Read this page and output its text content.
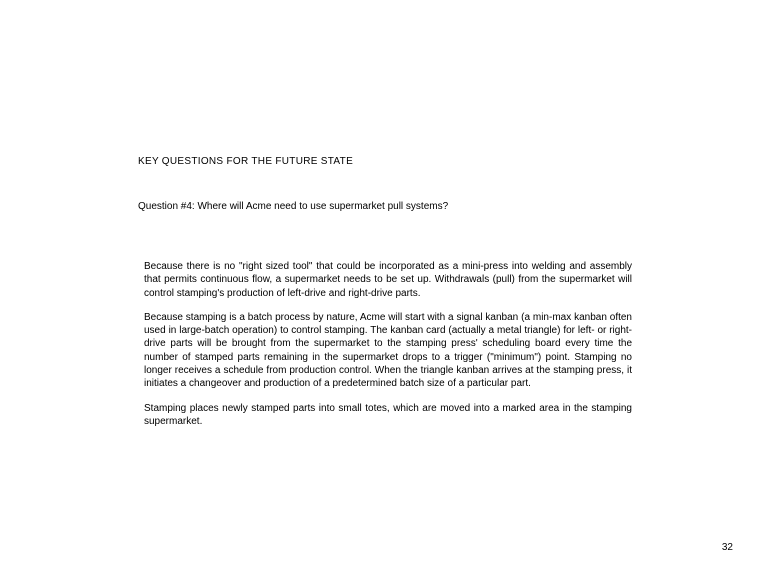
KEY QUESTIONS FOR THE FUTURE STATE
Question #4: Where will Acme need to use supermarket pull systems?

Because there is no "right sized tool" that could be incorporated as a mini-press into welding and assembly that permits continuous flow, a supermarket needs to be set up. Withdrawals (pull) from the supermarket will control stamping's production of left-drive and right-drive parts.

Because stamping is a batch process by nature, Acme will start with a signal kanban (a min-max kanban often used in large-batch operation) to control stamping. The kanban card (actually a metal triangle) for left- or right-drive parts will be brought from the supermarket to the stamping press' scheduling board every time the number of stamped parts remaining in the supermarket drops to a trigger ("minimum") point. Stamping no longer receives a schedule from production control. When the triangle kanban arrives at the stamping press, it initiates a changeover and production of a predetermined batch size of a particular part.

Stamping places newly stamped parts into small totes, which are moved into a marked area in the stamping supermarket.

32
